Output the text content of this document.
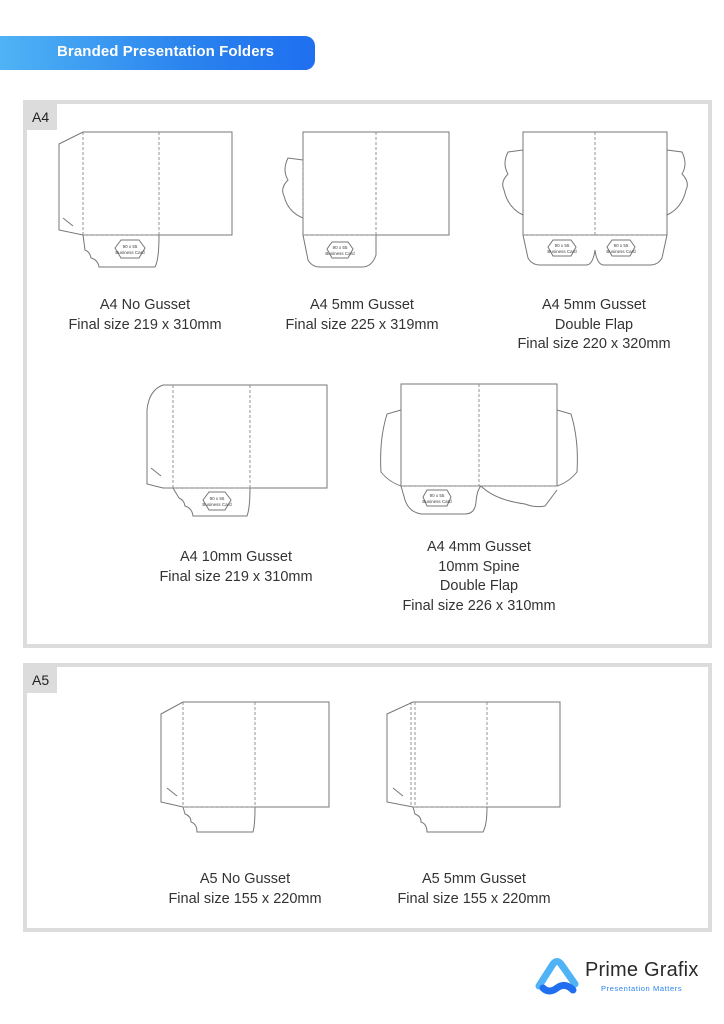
Branded Presentation Folders
A4
A5
90 x 55
Business Card
90 x 55
Business Card
90 x 55
Business Card
90 x 55
Business Card
90 x 55
Business Card
90 x 55
Business Card
A4 No Gusset
Final size 219 x 310mm
A4 5mm Gusset
Final size 225 x 319mm
A4 5mm Gusset
Double Flap
Final size 220 x 320mm
A4 10mm Gusset
Final size 219 x 310mm
A4 4mm Gusset
10mm Spine
Double Flap
Final size 226 x 310mm
A5 No Gusset
Final size 155 x 220mm
A5 5mm Gusset
Final size 155 x 220mm
Prime Grafix
Presentation Matters
